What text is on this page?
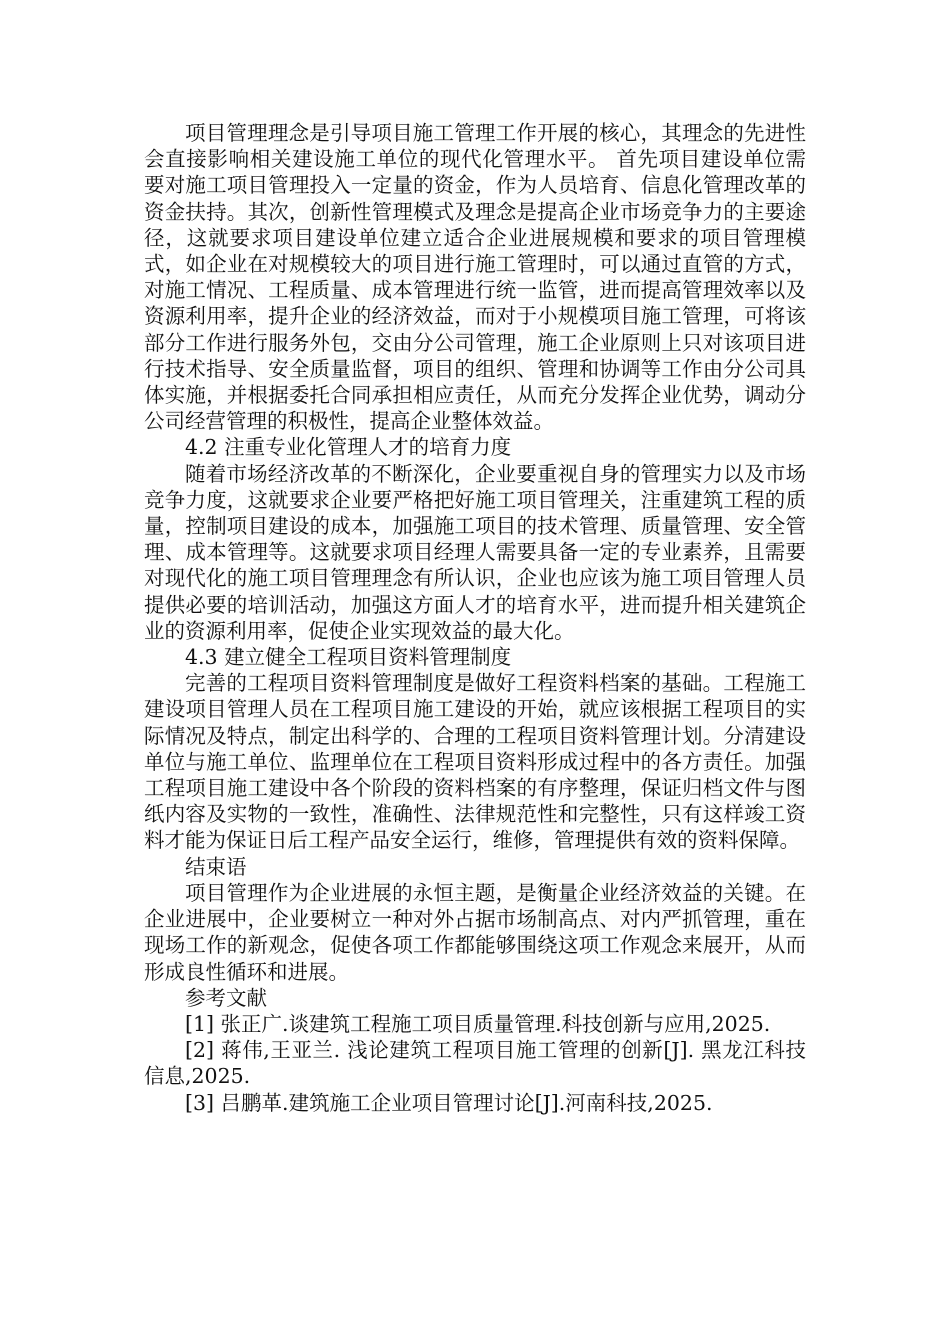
项目管理理念是引导项目施工管理工作开展的核心，其理念的先进性会直接影响相关建设施工单位的现代化管理水平。 首先项目建设单位需要对施工项目管理投入一定量的资金，作为人员培育、信息化管理改革的资金扶持。其次，创新性管理模式及理念是提高企业市场竞争力的主要途径，这就要求项目建设单位建立适合企业进展规模和要求的项目管理模式，如企业在对规模较大的项目进行施工管理时，可以通过直管的方式，对施工情况、工程质量、成本管理进行统一监管，进而提高管理效率以及资源利用率，提升企业的经济效益，而对于小规模项目施工管理，可将该部分工作进行服务外包，交由分公司管理，施工企业原则上只对该项目进行技术指导、安全质量监督，项目的组织、管理和协调等工作由分公司具体实施，并根据委托合同承担相应责任，从而充分发挥企业优势，调动分公司经营管理的积极性，提高企业整体效益。

4.2 注重专业化管理人才的培育力度

随着市场经济改革的不断深化，企业要重视自身的管理实力以及市场竞争力度，这就要求企业要严格把好施工项目管理关，注重建筑工程的质量，控制项目建设的成本，加强施工项目的技术管理、质量管理、安全管理、成本管理等。这就要求项目经理人需要具备一定的专业素养，且需要对现代化的施工项目管理理念有所认识，企业也应该为施工项目管理人员提供必要的培训活动，加强这方面人才的培育水平，进而提升相关建筑企业的资源利用率，促使企业实现效益的最大化。

4.3 建立健全工程项目资料管理制度

完善的工程项目资料管理制度是做好工程资料档案的基础。工程施工建设项目管理人员在工程项目施工建设的开始，就应该根据工程项目的实际情况及特点，制定出科学的、合理的工程项目资料管理计划。分清建设单位与施工单位、监理单位在工程项目资料形成过程中的各方责任。加强工程项目施工建设中各个阶段的资料档案的有序整理，保证归档文件与图纸内容及实物的一致性，准确性、法律规范性和完整性，只有这样竣工资料才能为保证日后工程产品安全运行，维修，管理提供有效的资料保障。

结束语

项目管理作为企业进展的永恒主题，是衡量企业经济效益的关键。在企业进展中，企业要树立一种对外占据市场制高点、对内严抓管理，重在现场工作的新观念，促使各项工作都能够围绕这项工作观念来展开，从而形成良性循环和进展。

参考文献

[1] 张正广.谈建筑工程施工项目质量管理.科技创新与应用,2025.

[2] 蒋伟,王亚兰. 浅论建筑工程项目施工管理的创新[J]. 黑龙江科技信息,2025.

[3] 吕鹏革.建筑施工企业项目管理讨论[J].河南科技,2025.
